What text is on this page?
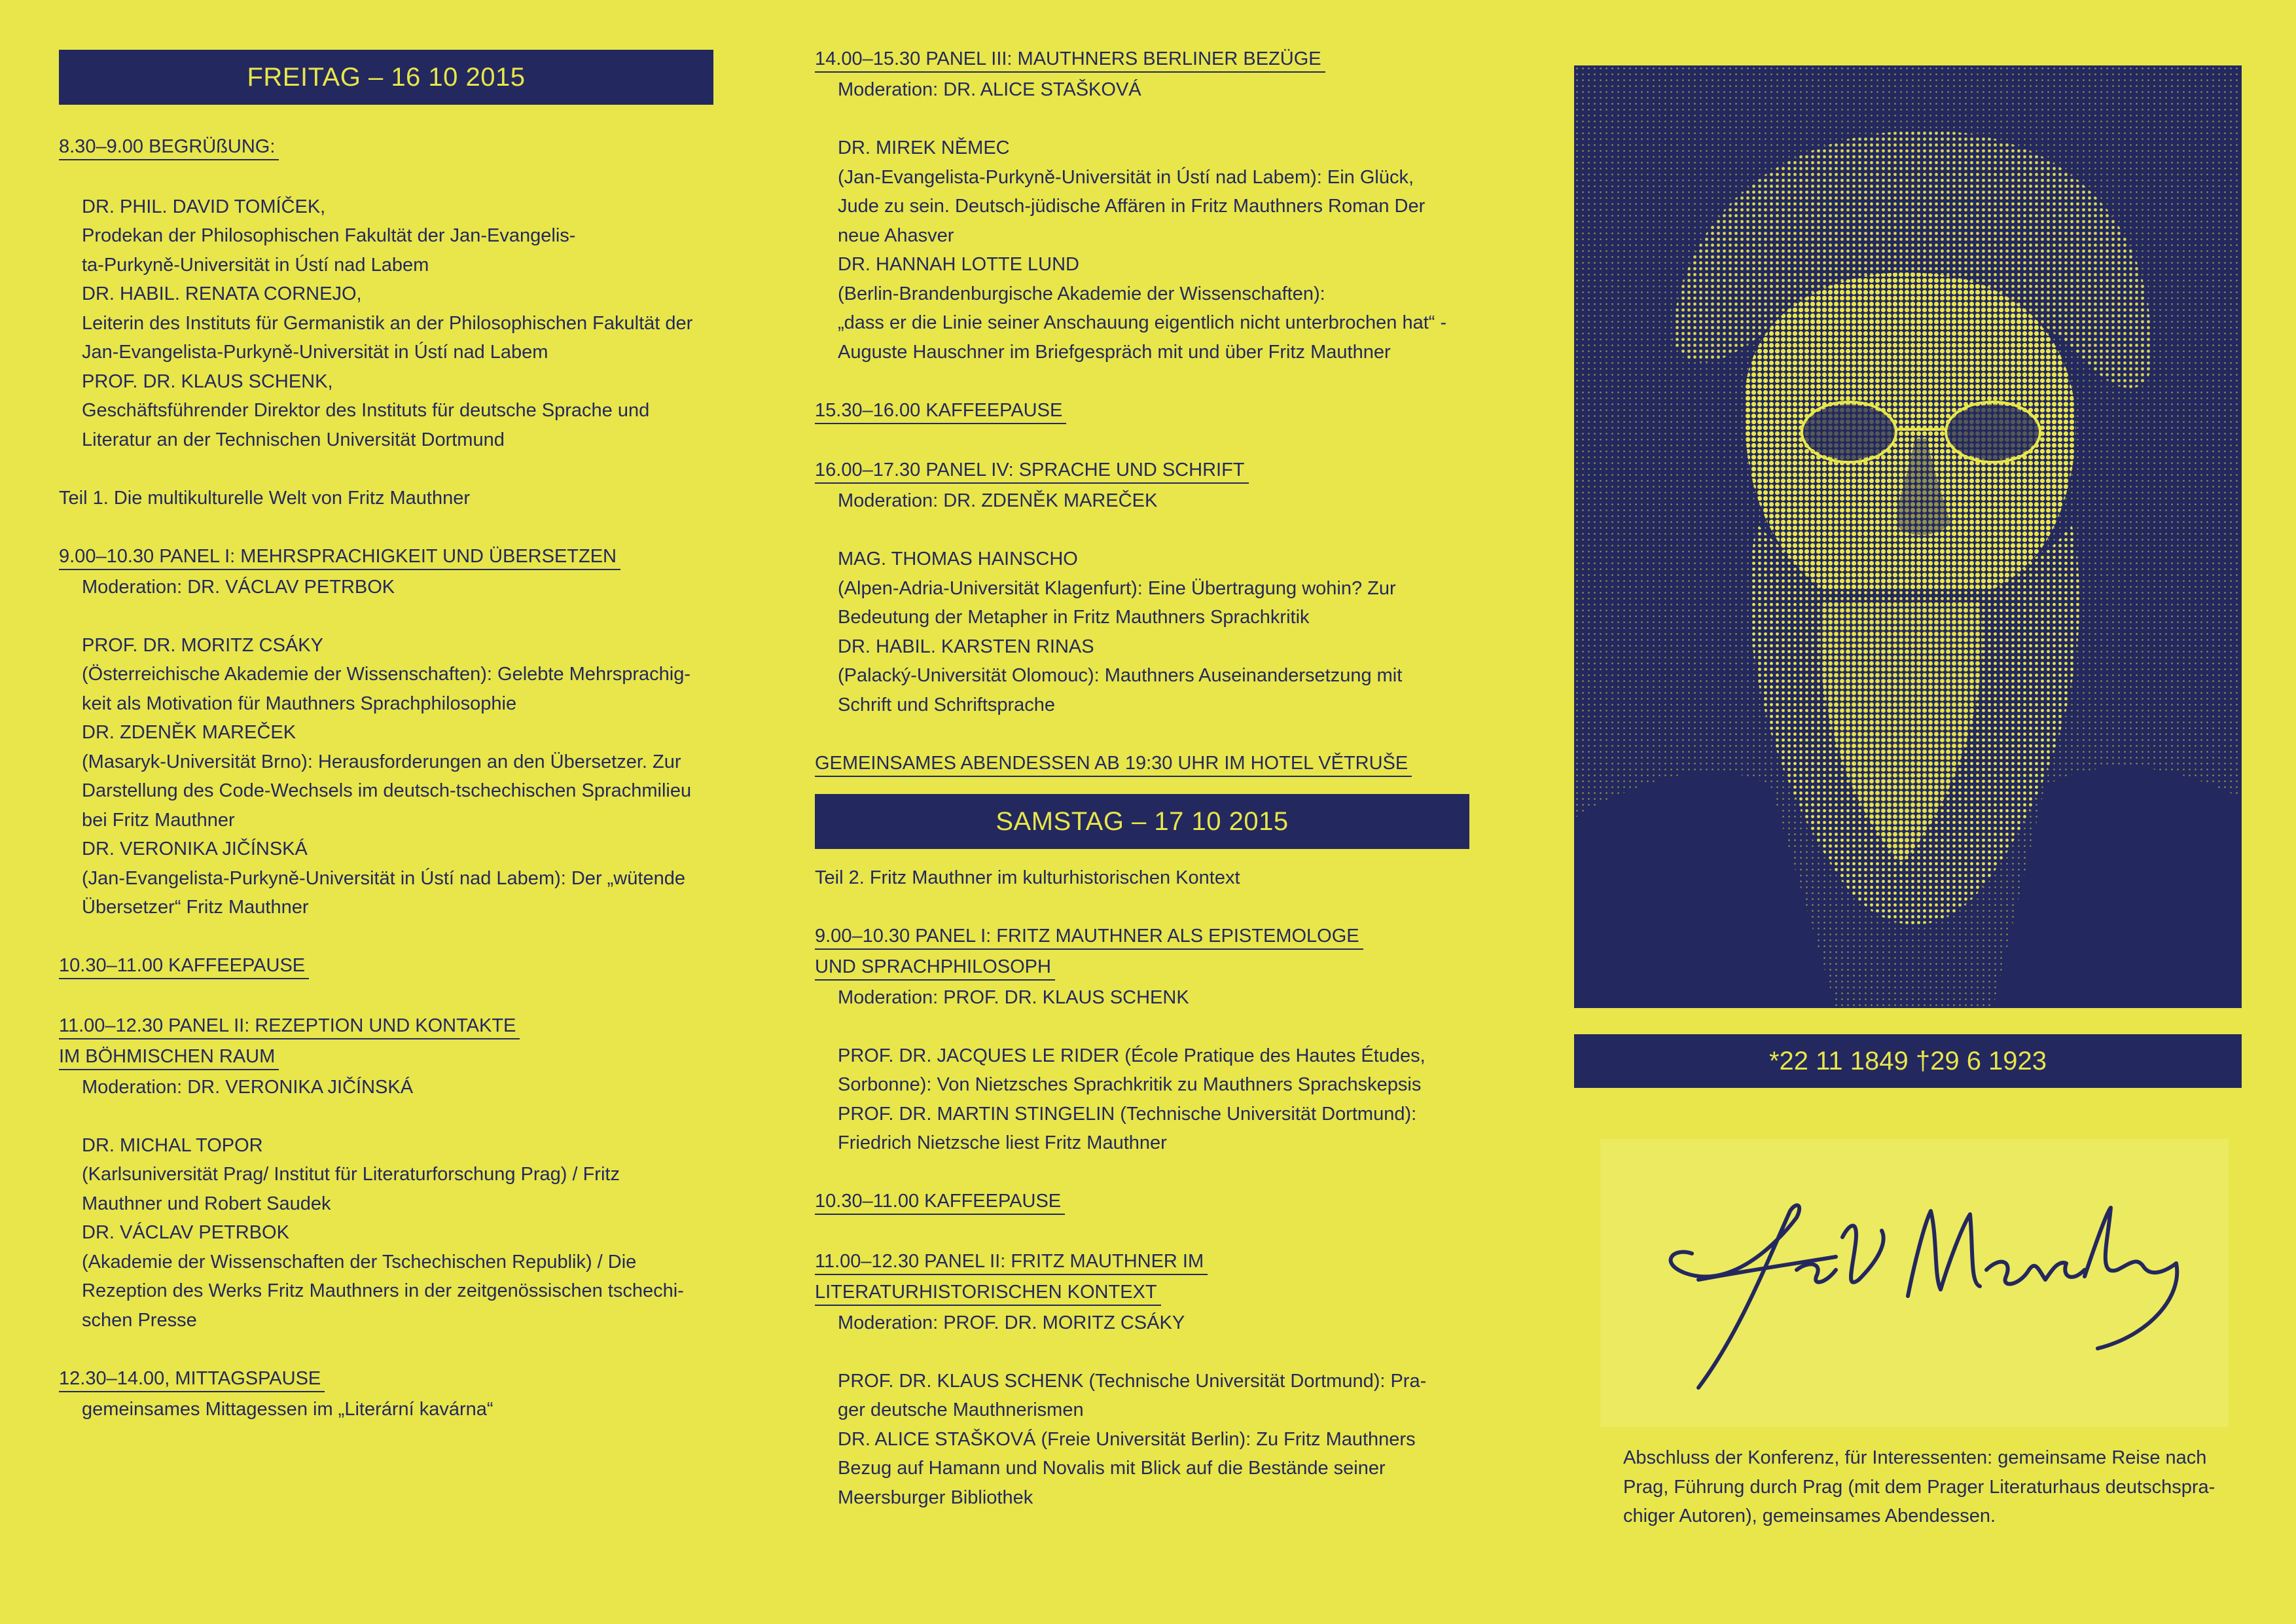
FREITAG – 16 10 2015
8.30–9.00 BEGRÜßUNG:
DR. PHIL. DAVID TOMÍČEK,
Prodekan der Philosophischen Fakultät der Jan-Evangelis-
ta-Purkyně-Universität in Ústí nad Labem
DR. HABIL. RENATA CORNEJO,
Leiterin des Instituts für Germanistik an der Philosophischen Fakultät der
Jan-Evangelista-Purkyně-Universität in Ústí nad Labem
PROF. DR. KLAUS SCHENK,
Geschäftsführender Direktor des Instituts für deutsche Sprache und
Literatur an der Technischen Universität Dortmund
Teil 1. Die multikulturelle Welt von Fritz Mauthner
9.00–10.30 PANEL I: MEHRSPRACHIGKEIT UND ÜBERSETZEN
Moderation: DR. VÁCLAV PETRBOK
PROF. DR. MORITZ CSÁKY
(Österreichische Akademie der Wissenschaften): Gelebte Mehrsprachig-
keit als Motivation für Mauthners Sprachphilosophie
DR. ZDENĚK MAREČEK
(Masaryk-Universität Brno): Herausforderungen an den Übersetzer. Zur
Darstellung des Code-Wechsels im deutsch-tschechischen Sprachmilieu
bei Fritz Mauthner
DR. VERONIKA JIČÍNSKÁ
(Jan-Evangelista-Purkyně-Universität in Ústí nad Labem): Der „wütende
Übersetzer“ Fritz Mauthner
10.30–11.00 KAFFEEPAUSE
11.00–12.30 PANEL II: REZEPTION UND KONTAKTE
IM BÖHMISCHEN RAUM
Moderation: DR. VERONIKA JIČÍNSKÁ
DR. MICHAL TOPOR
(Karlsuniversität Prag/ Institut für Literaturforschung Prag) / Fritz
Mauthner und Robert Saudek
DR. VÁCLAV PETRBOK
(Akademie der Wissenschaften der Tschechischen Republik) / Die
Rezeption des Werks Fritz Mauthners in der zeitgenössischen tschechi-
schen Presse
12.30–14.00, MITTAGSPAUSE
gemeinsames Mittagessen im „Literární kavárna“
14.00–15.30 PANEL III: MAUTHNERS BERLINER BEZÜGE
Moderation: DR. ALICE STAŠKOVÁ
DR. MIREK NĚMEC
(Jan-Evangelista-Purkyně-Universität in Ústí nad Labem): Ein Glück,
Jude zu sein. Deutsch-jüdische Affären in Fritz Mauthners Roman Der
neue Ahasver
DR. HANNAH LOTTE LUND
(Berlin-Brandenburgische Akademie der Wissenschaften):
„dass er die Linie seiner Anschauung eigentlich nicht unterbrochen hat“ -
Auguste Hauschner im Briefgespräch mit und über Fritz Mauthner
15.30–16.00 KAFFEEPAUSE
16.00–17.30 PANEL IV: SPRACHE UND SCHRIFT
Moderation: DR. ZDENĚK MAREČEK
MAG. THOMAS HAINSCHO
(Alpen-Adria-Universität Klagenfurt): Eine Übertragung wohin? Zur
Bedeutung der Metapher in Fritz Mauthners Sprachkritik
DR. HABIL. KARSTEN RINAS
(Palacký-Universität Olomouc): Mauthners Auseinandersetzung mit
Schrift und Schriftsprache
GEMEINSAMES ABENDESSEN AB 19:30 UHR IM HOTEL VĚTRUŠE
SAMSTAG – 17 10 2015
Teil 2. Fritz Mauthner im kulturhistorischen Kontext
9.00–10.30 PANEL I: FRITZ MAUTHNER ALS EPISTEMOLOGE
UND SPRACHPHILOSOPH
Moderation: PROF. DR. KLAUS SCHENK
PROF. DR. JACQUES LE RIDER (École Pratique des Hautes Études,
Sorbonne): Von Nietzsches Sprachkritik zu Mauthners Sprachskepsis
PROF. DR. MARTIN STINGELIN (Technische Universität Dortmund):
Friedrich Nietzsche liest Fritz Mauthner
10.30–11.00 KAFFEEPAUSE
11.00–12.30 PANEL II: FRITZ MAUTHNER IM
LITERATURHISTORISCHEN KONTEXT
Moderation: PROF. DR. MORITZ CSÁKY
PROF. DR. KLAUS SCHENK (Technische Universität Dortmund): Pra-
ger deutsche Mauthnerismen
DR. ALICE STAŠKOVÁ (Freie Universität Berlin): Zu Fritz Mauthners
Bezug auf Hamann und Novalis mit Blick auf die Bestände seiner
Meersburger Bibliothek
*22 11 1849 †29 6 1923
Abschluss der Konferenz, für Interessenten: gemeinsame Reise nach
Prag, Führung durch Prag (mit dem Prager Literaturhaus deutschspra-
chiger Autoren), gemeinsames Abendessen.
